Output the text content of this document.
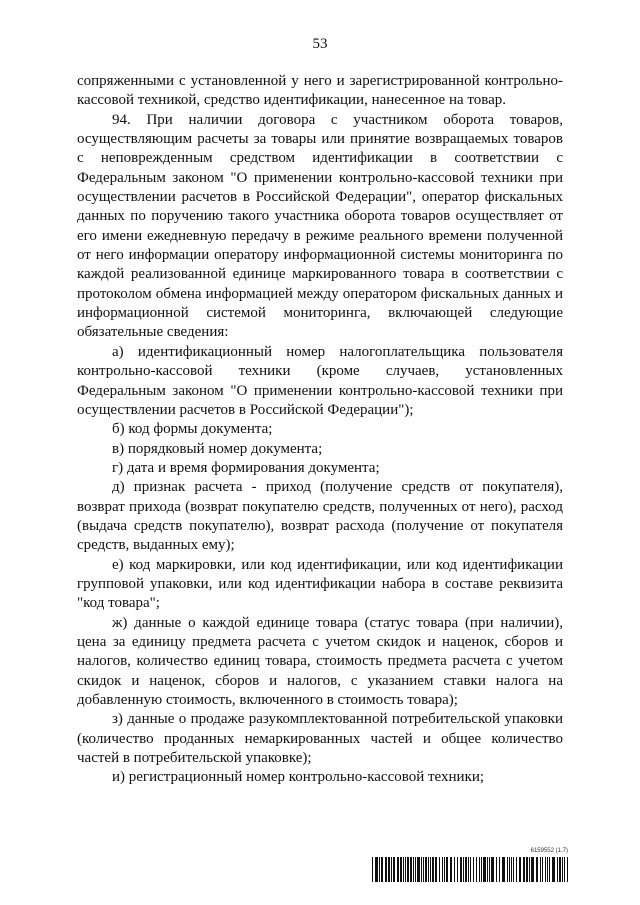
53

сопряженными с установленной у него и зарегистрированной контрольно-кассовой техникой, средство идентификации, нанесенное на товар.

94. При наличии договора с участником оборота товаров, осуществляющим расчеты за товары или принятие возвращаемых товаров с неповрежденным средством идентификации в соответствии с Федеральным законом "О применении контрольно-кассовой техники при осуществлении расчетов в Российской Федерации", оператор фискальных данных по поручению такого участника оборота товаров осуществляет от его имени ежедневную передачу в режиме реального времени полученной от него информации оператору информационной системы мониторинга по каждой реализованной единице маркированного товара в соответствии с протоколом обмена информацией между оператором фискальных данных и информационной системой мониторинга, включающей следующие обязательные сведения:

а) идентификационный номер налогоплательщика пользователя контрольно-кассовой техники (кроме случаев, установленных Федеральным законом "О применении контрольно-кассовой техники при осуществлении расчетов в Российской Федерации");

б) код формы документа;

в) порядковый номер документа;

г) дата и время формирования документа;

д) признак расчета - приход (получение средств от покупателя), возврат прихода (возврат покупателю средств, полученных от него), расход (выдача средств покупателю), возврат расхода (получение от покупателя средств, выданных ему);

е) код маркировки, или код идентификации, или код идентификации групповой упаковки, или код идентификации набора в составе реквизита "код товара";

ж) данные о каждой единице товара (статус товара (при наличии), цена за единицу предмета расчета с учетом скидок и наценок, сборов и налогов, количество единиц товара, стоимость предмета расчета с учетом скидок и наценок, сборов и налогов, с указанием ставки налога на добавленную стоимость, включенного в стоимость товара);

з) данные о продаже разукомплектованной потребительской упаковки (количество проданных немаркированных частей и общее количество частей в потребительской упаковке);

и) регистрационный номер контрольно-кассовой техники;

6159552 (1.7)
